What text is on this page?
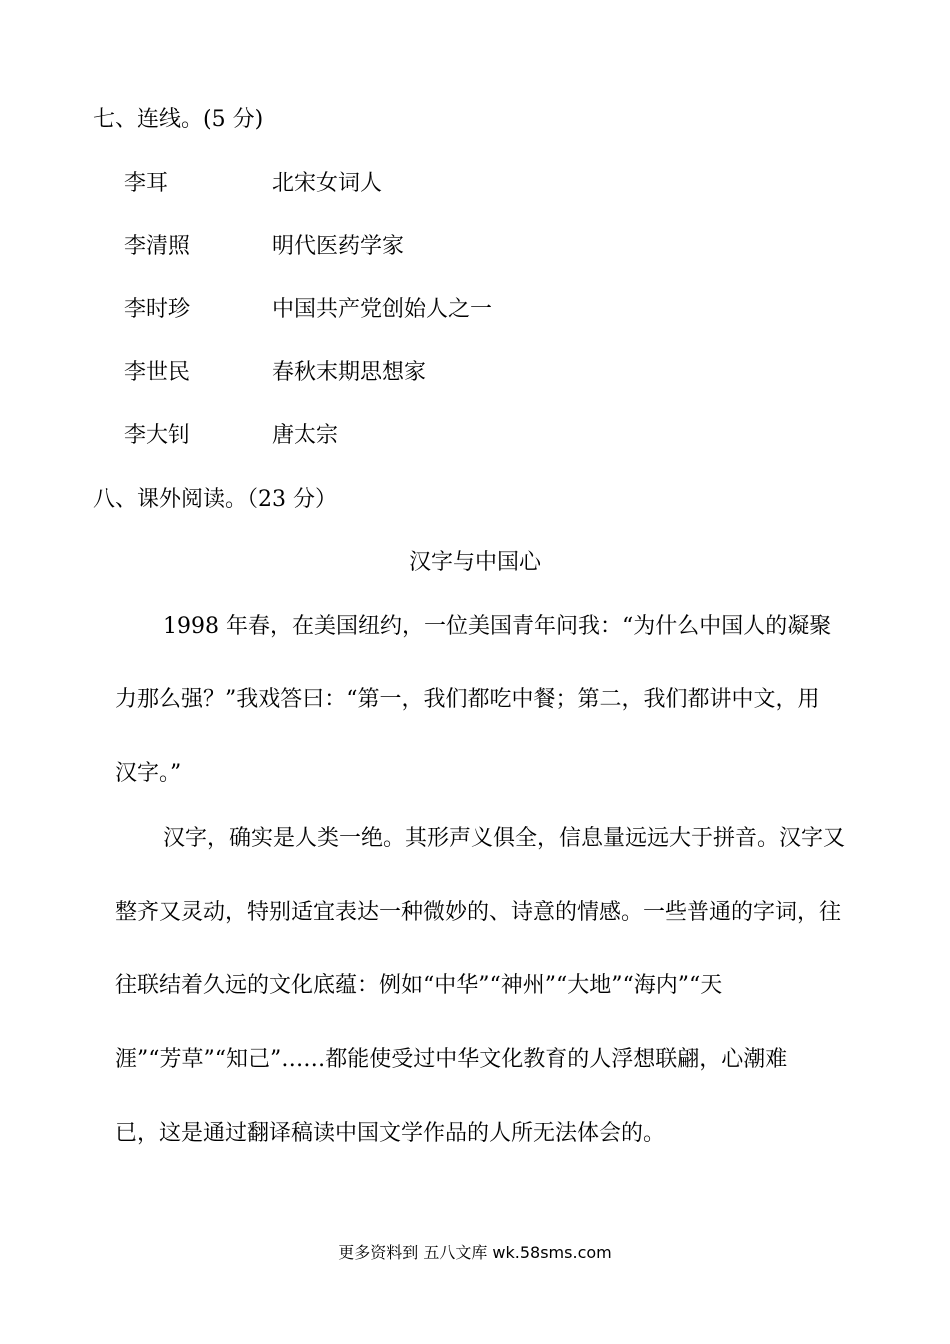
七、连线。(5 分)
李耳	北宋女词人
李清照	明代医药学家
李时珍	中国共产党创始人之一
李世民	春秋末期思想家
李大钊	唐太宗
八、课外阅读。（23 分）
汉字与中国心
1998 年春，在美国纽约，一位美国青年问我：“为什么中国人的凝聚
力那么强？”我戏答曰：“第一，我们都吃中餐；第二，我们都讲中文，用
汉字。”
汉字，确实是人类一绝。其形声义俱全，信息量远远大于拼音。汉字又
整齐又灵动，特别适宜表达一种微妙的、诗意的情感。一些普通的字词，往
往联结着久远的文化底蕴：例如“中华”“神州”“大地”“海内”“天
涯”“芳草”“知己”……都能使受过中华文化教育的人浮想联翩，心潮难
已，这是通过翻译稿读中国文学作品的人所无法体会的。
更多资料到 五八文库 wk.58sms.com
